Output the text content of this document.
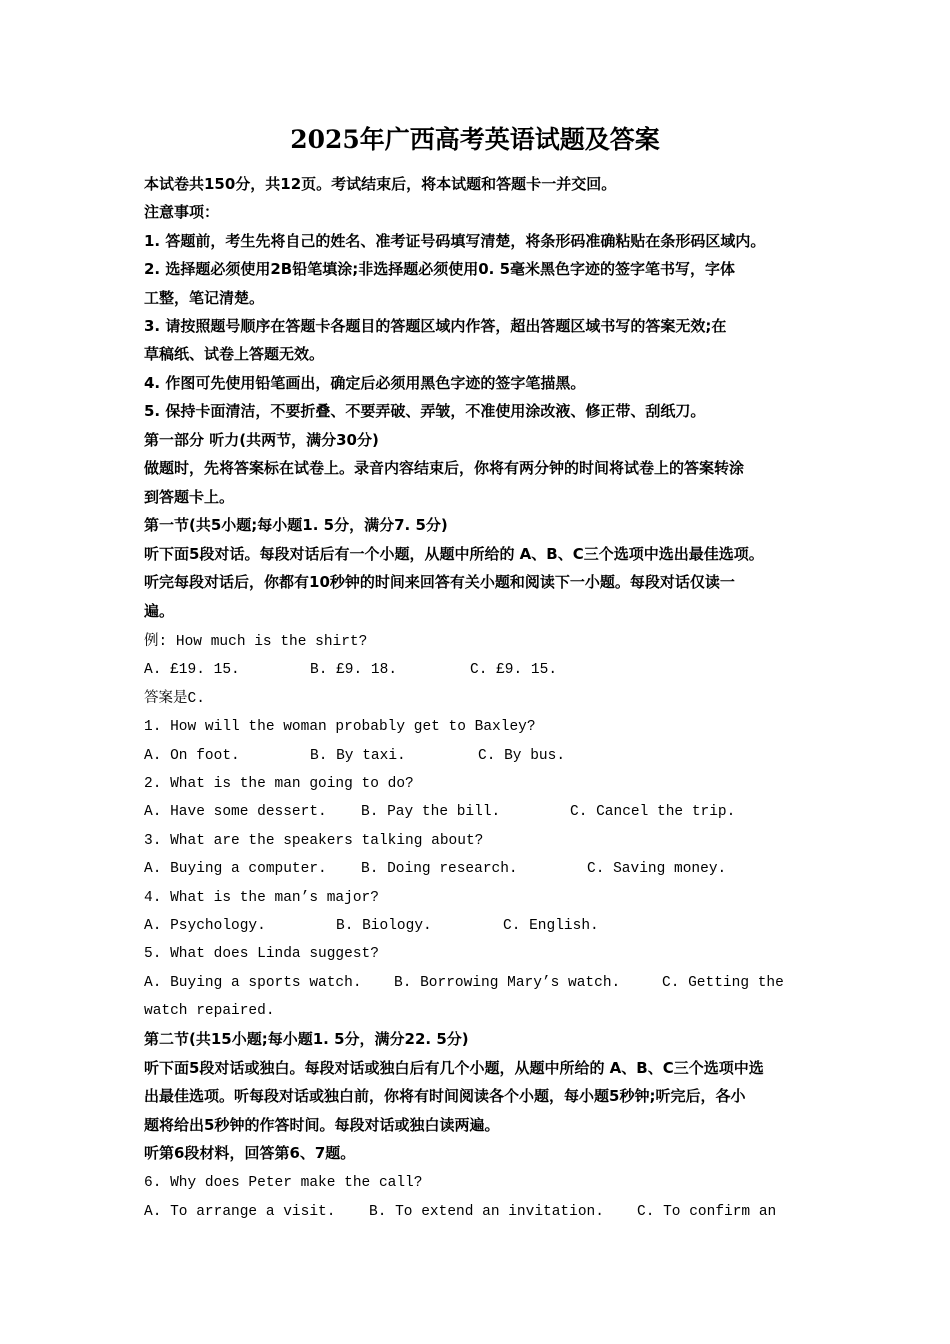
2025年广西高考英语试题及答案
本试卷共150分，共12页。考试结束后，将本试题和答题卡一并交回。
注意事项：
1. 答题前，考生先将自己的姓名、准考证号码填写清楚，将条形码准确粘贴在条形码区域内。
2. 选择题必须使用2B铅笔填涂;非选择题必须使用0. 5毫米黑色字迹的签字笔书写，字体
工整，笔记清楚。
3. 请按照题号顺序在答题卡各题目的答题区域内作答，超出答题区域书写的答案无效;在
草稿纸、试卷上答题无效。
4. 作图可先使用铅笔画出，确定后必须用黑色字迹的签字笔描黑。
5. 保持卡面清洁，不要折叠、不要弄破、弄皱，不准使用涂改液、修正带、刮纸刀。
第一部分 听力(共两节，满分30分)
做题时，先将答案标在试卷上。录音内容结束后，你将有两分钟的时间将试卷上的答案转涂
到答题卡上。
第一节(共5小题;每小题1. 5分，满分7. 5分)
听下面5段对话。每段对话后有一个小题，从题中所给的 A、B、C三个选项中选出最佳选项。
听完每段对话后，你都有10秒钟的时间来回答有关小题和阅读下一小题。每段对话仅读一
遍。
例: How much is the shirt?
A. £19. 15.	B. £9. 18.	C. £9. 15.
答案是C.
1. How will the woman probably get to Baxley?
A. On foot.	B. By taxi.	C. By bus.
2. What is the man going to do?
A. Have some dessert. B. Pay the bill.	C. Cancel the trip.
3. What are the speakers talking about?
A. Buying a computer. B. Doing research.	C. Saving money.
4. What is the man’s major?
A. Psychology.	B. Biology.	C. English.
5. What does Linda suggest?
A. Buying a sports watch. B. Borrowing Mary’s watch.	C. Getting the
watch repaired.
第二节(共15小题;每小题1. 5分，满分22. 5分)
听下面5段对话或独白。每段对话或独白后有几个小题，从题中所给的 A、B、C三个选项中选
出最佳选项。听每段对话或独白前，你将有时间阅读各个小题，每小题5秒钟;听完后，各小
题将给出5秒钟的作答时间。每段对话或独白读两遍。
听第6段材料，回答第6、7题。
6. Why does Peter make the call?
A. To arrange a visit. B. To extend an invitation. C. To confirm an
